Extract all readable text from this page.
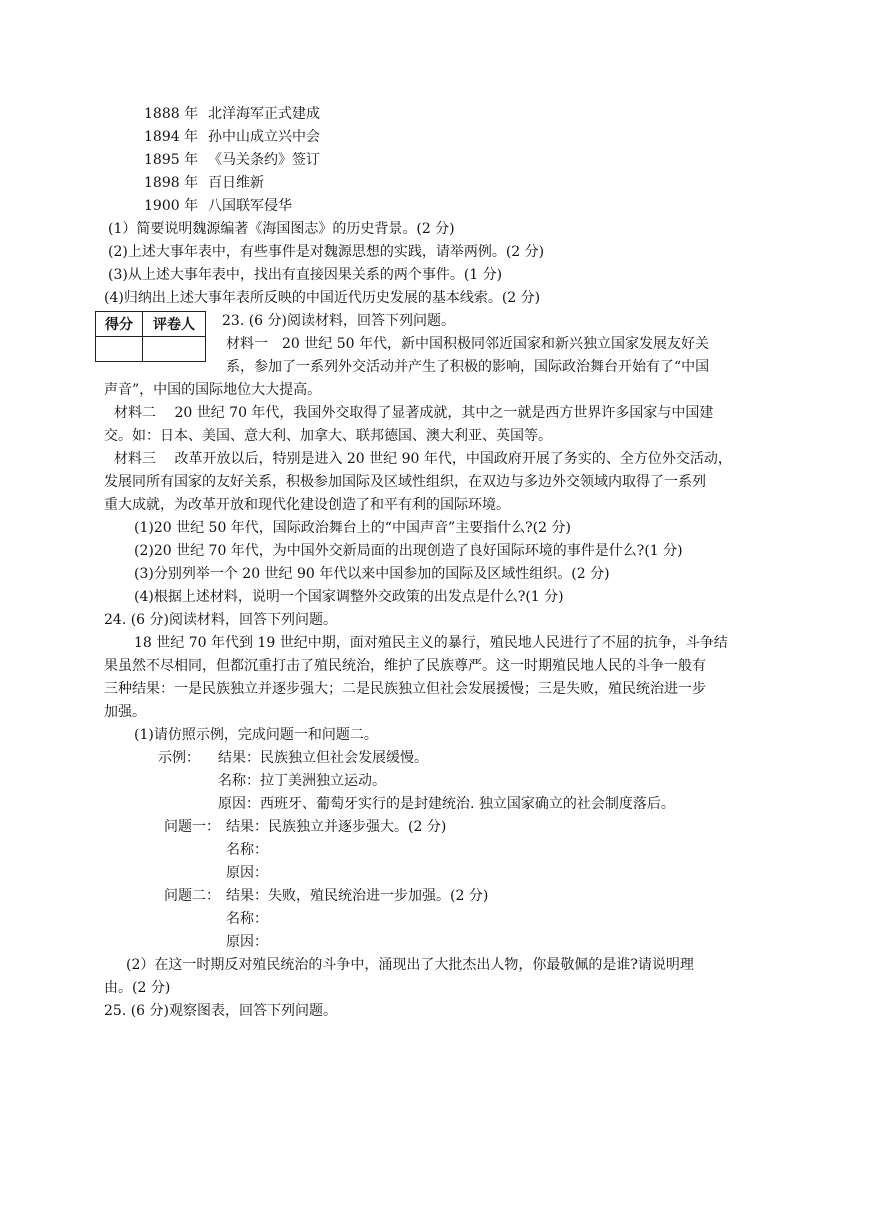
1888 年 北洋海军正式建成
1894 年 孙中山成立兴中会
1895 年 《马关条约》签订
1898 年 百日维新
1900 年 八国联军侵华
(1）简要说明魏源编著《海国图志》的历史背景。(2 分)
(2)上述大事年表中，有些事件是对魏源思想的实践，请举两例。(2 分)
(3)从上述大事年表中，找出有直接因果关系的两个事件。(1 分)
(4)归纳出上述大事年表所反映的中国近代历史发展的基本线索。(2 分)
得分	评卷人
	23. (6 分)阅读材料，回答下列问题。
材料一　20 世纪 50 年代，新中国积极同邻近国家和新兴独立国家发展友好关
系，参加了一系列外交活动并产生了积极的影响，国际政治舞台开始有了“中国
声音”，中国的国际地位大大提高。
材料二　 20 世纪 70 年代，我国外交取得了显著成就，其中之一就是西方世界许多国家与中国建
交。如：日本、美国、意大利、加拿大、联邦德国、澳大利亚、英国等。
材料三　 改革开放以后，特别是进入 20 世纪 90 年代，中国政府开展了务实的、全方位外交活动，
发展同所有国家的友好关系，积极参加国际及区域性组织，在双边与多边外交领域内取得了一系列
重大成就，为改革开放和现代化建设创造了和平有利的国际环境。
(1)20 世纪 50 年代，国际政治舞台上的“中国声音”主要指什么?(2 分)
(2)20 世纪 70 年代，为中国外交新局面的出现创造了良好国际环境的事件是什么?(1 分)
(3)分别列举一个 20 世纪 90 年代以来中国参加的国际及区域性组织。(2 分)
(4)根据上述材料，说明一个国家调整外交政策的出发点是什么?(1 分)
24. (6 分)阅读材料，回答下列问题。
18 世纪 70 年代到 19 世纪中期，面对殖民主义的暴行，殖民地人民进行了不屈的抗争，斗争结
果虽然不尽相同，但都沉重打击了殖民统治，维护了民族尊严。这一时期殖民地人民的斗争一般有
三种结果：一是民族独立并逐步强大；二是民族独立但社会发展援慢；三是失败，殖民统治进一步
加强。
(1)请仿照示例，完成问题一和问题二。
示例： 结果：民族独立但社会发展缓慢。
名称：拉丁美洲独立运动。
原因：西班牙、葡萄牙实行的是封建统治. 独立国家确立的社会制度落后。
问题一： 结果：民族独立并逐步强大。(2 分)
名称：
原因：
问题二： 结果：失败，殖民统治进一步加强。(2 分)
名称：
原因：
(2）在这一时期反对殖民统治的斗争中，涌现出了大批杰出人物，你最敬佩的是谁?请说明理
由。(2 分)
25. (6 分)观察图表，回答下列问题。
